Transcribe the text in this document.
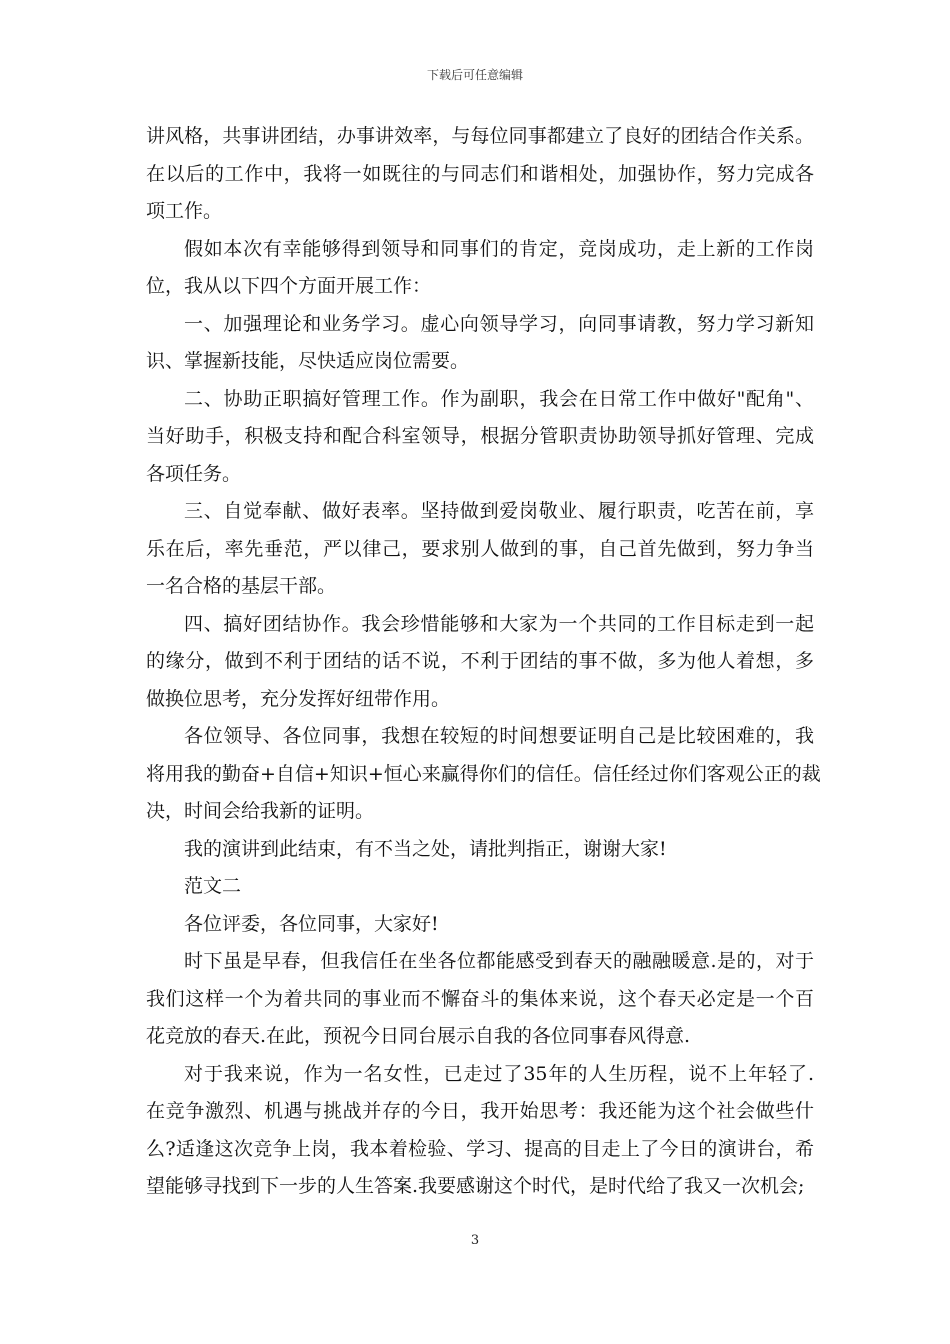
下载后可任意编辑
讲风格，共事讲团结，办事讲效率，与每位同事都建立了良好的团结合作关系。
在以后的工作中，我将一如既往的与同志们和谐相处，加强协作，努力完成各
项工作。
假如本次有幸能够得到领导和同事们的肯定，竞岗成功，走上新的工作岗
位，我从以下四个方面开展工作：
一、加强理论和业务学习。虚心向领导学习，向同事请教，努力学习新知
识、掌握新技能，尽快适应岗位需要。
二、协助正职搞好管理工作。作为副职，我会在日常工作中做好"配角"、
当好助手，积极支持和配合科室领导，根据分管职责协助领导抓好管理、完成
各项任务。
三、自觉奉献、做好表率。坚持做到爱岗敬业、履行职责，吃苦在前，享
乐在后，率先垂范，严以律己，要求别人做到的事，自己首先做到，努力争当
一名合格的基层干部。
四、搞好团结协作。我会珍惜能够和大家为一个共同的工作目标走到一起
的缘分，做到不利于团结的话不说，不利于团结的事不做，多为他人着想，多
做换位思考，充分发挥好纽带作用。
各位领导、各位同事，我想在较短的时间想要证明自己是比较困难的，我
将用我的勤奋+自信+知识+恒心来赢得你们的信任。信任经过你们客观公正的裁
决，时间会给我新的证明。
我的演讲到此结束，有不当之处，请批判指正，谢谢大家!
范文二
各位评委，各位同事，大家好!
时下虽是早春，但我信任在坐各位都能感受到春天的融融暖意.是的，对于
我们这样一个为着共同的事业而不懈奋斗的集体来说，这个春天必定是一个百
花竞放的春天.在此，预祝今日同台展示自我的各位同事春风得意.
对于我来说，作为一名女性，已走过了35年的人生历程，说不上年轻了.
在竞争激烈、机遇与挑战并存的今日，我开始思考：我还能为这个社会做些什
么?适逢这次竞争上岗，我本着检验、学习、提高的目走上了今日的演讲台，希
望能够寻找到下一步的人生答案.我要感谢这个时代，是时代给了我又一次机会;
3
